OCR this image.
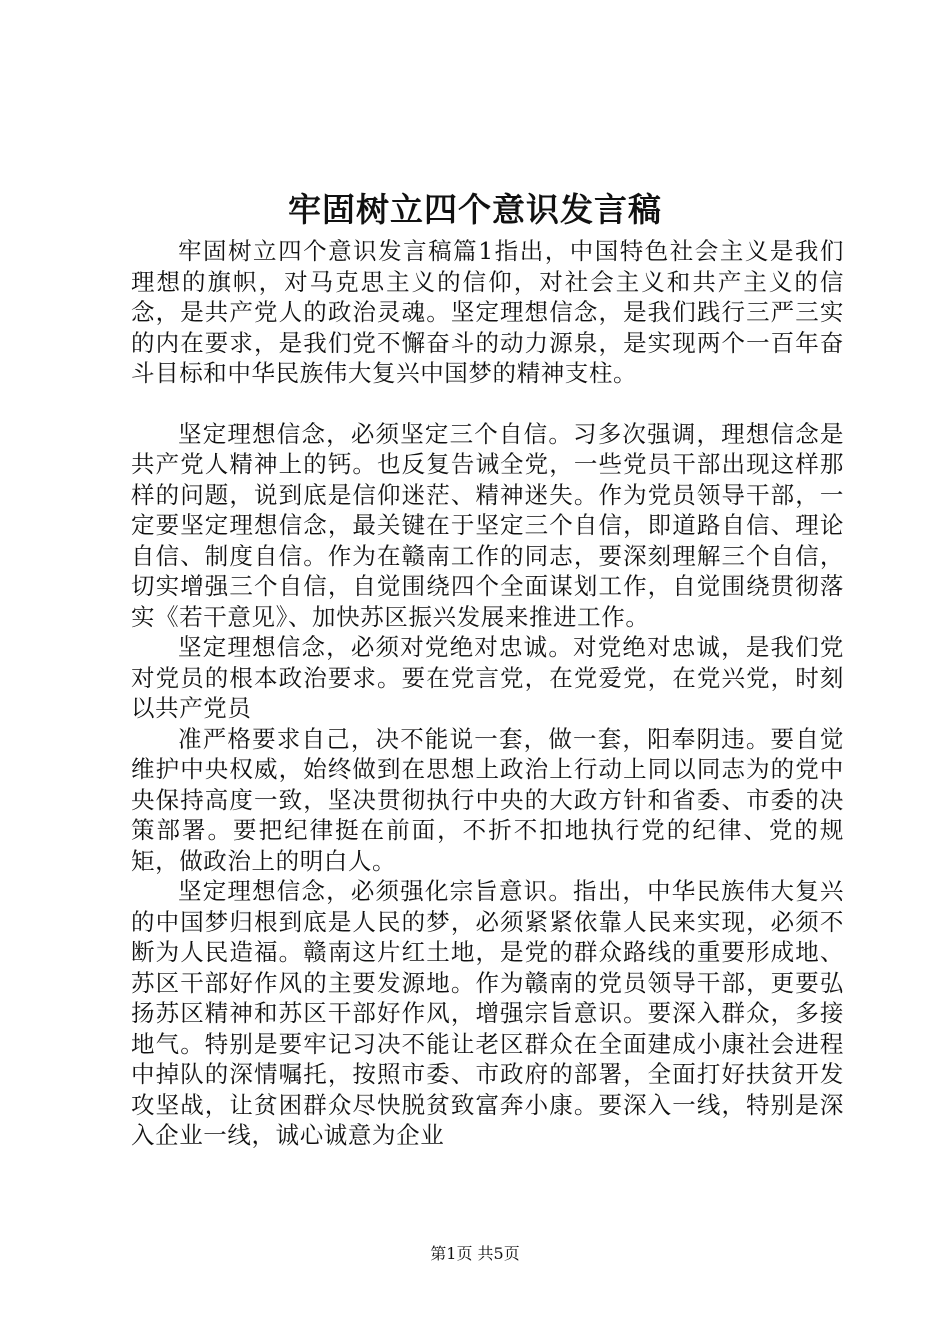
牢固树立四个意识发言稿

牢固树立四个意识发言稿篇1指出，中国特色社会主义是我们理想的旗帜，对马克思主义的信仰，对社会主义和共产主义的信念，是共产党人的政治灵魂。坚定理想信念，是我们践行三严三实的内在要求，是我们党不懈奋斗的动力源泉，是实现两个一百年奋斗目标和中华民族伟大复兴中国梦的精神支柱。

坚定理想信念，必须坚定三个自信。习多次强调，理想信念是共产党人精神上的钙。也反复告诫全党，一些党员干部出现这样那样的问题，说到底是信仰迷茫、精神迷失。作为党员领导干部，一定要坚定理想信念，最关键在于坚定三个自信，即道路自信、理论自信、制度自信。作为在赣南工作的同志，要深刻理解三个自信，切实增强三个自信，自觉围绕四个全面谋划工作，自觉围绕贯彻落实《若干意见》、加快苏区振兴发展来推进工作。

坚定理想信念，必须对党绝对忠诚。对党绝对忠诚，是我们党对党员的根本政治要求。要在党言党，在党爱党，在党兴党，时刻以共产党员

准严格要求自己，决不能说一套，做一套，阳奉阴违。要自觉维护中央权威，始终做到在思想上政治上行动上同以同志为的党中央保持高度一致，坚决贯彻执行中央的大政方针和省委、市委的决策部署。要把纪律挺在前面，不折不扣地执行党的纪律、党的规矩，做政治上的明白人。

坚定理想信念，必须强化宗旨意识。指出，中华民族伟大复兴的中国梦归根到底是人民的梦，必须紧紧依靠人民来实现，必须不断为人民造福。赣南这片红土地，是党的群众路线的重要形成地、苏区干部好作风的主要发源地。作为赣南的党员领导干部，更要弘扬苏区精神和苏区干部好作风，增强宗旨意识。要深入群众，多接地气。特别是要牢记习决不能让老区群众在全面建成小康社会进程中掉队的深情嘱托，按照市委、市政府的部署，全面打好扶贫开发攻坚战，让贫困群众尽快脱贫致富奔小康。要深入一线，特别是深入企业一线，诚心诚意为企业

第1页 共5页
